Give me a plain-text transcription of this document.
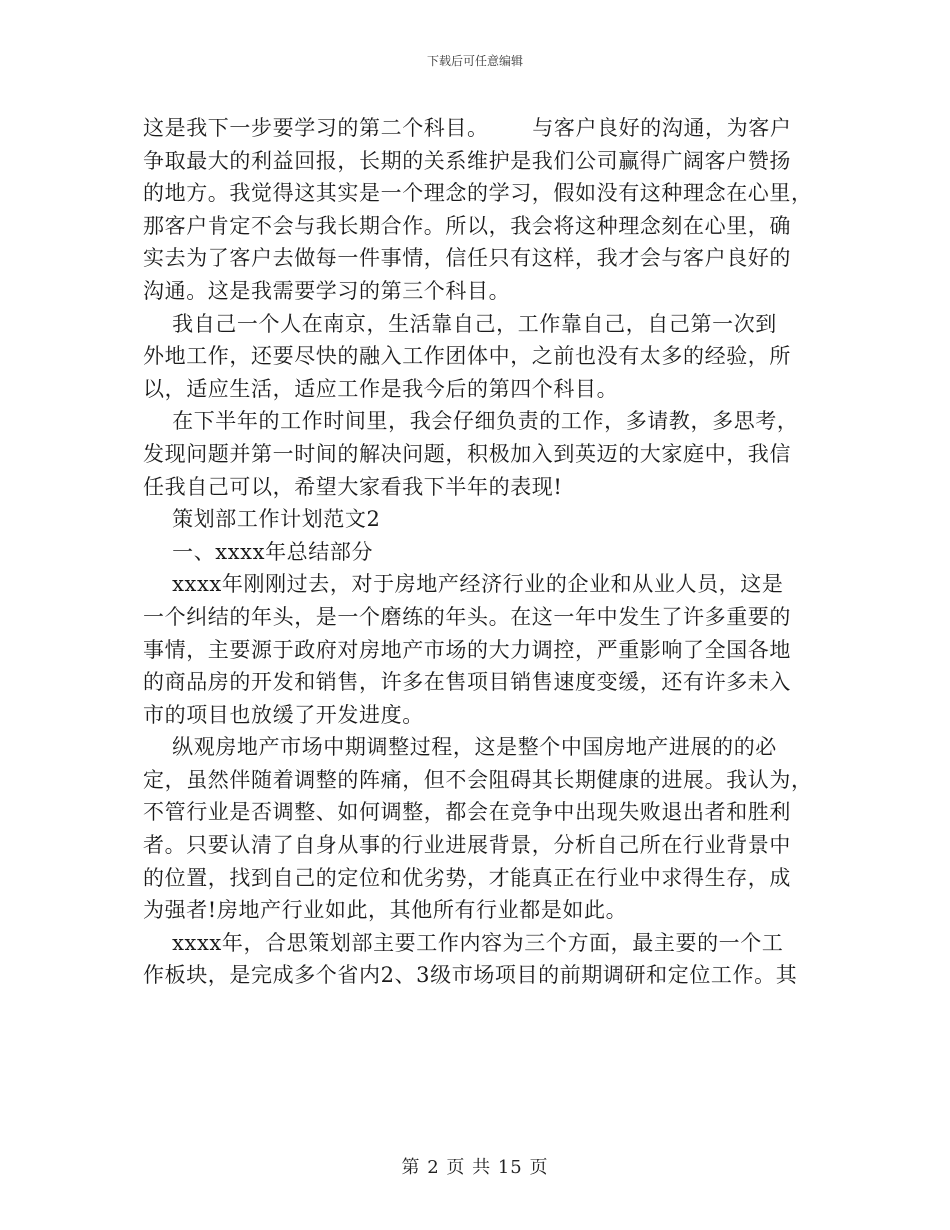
下载后可任意编辑
这是我下一步要学习的第二个科目。      与客户良好的沟通，为客户
争取最大的利益回报，长期的关系维护是我们公司赢得广阔客户赞扬
的地方。我觉得这其实是一个理念的学习，假如没有这种理念在心里，
那客户肯定不会与我长期合作。所以，我会将这种理念刻在心里，确
实去为了客户去做每一件事情，信任只有这样，我才会与客户良好的
沟通。这是我需要学习的第三个科目。
我自己一个人在南京，生活靠自己，工作靠自己，自己第一次到
外地工作，还要尽快的融入工作团体中，之前也没有太多的经验，所
以，适应生活，适应工作是我今后的第四个科目。
在下半年的工作时间里，我会仔细负责的工作，多请教，多思考，
发现问题并第一时间的解决问题，积极加入到英迈的大家庭中，我信
任我自己可以，希望大家看我下半年的表现!
策划部工作计划范文2
一、xxxx年总结部分
xxxx年刚刚过去，对于房地产经济行业的企业和从业人员，这是
一个纠结的年头，是一个磨练的年头。在这一年中发生了许多重要的
事情，主要源于政府对房地产市场的大力调控，严重影响了全国各地
的商品房的开发和销售，许多在售项目销售速度变缓，还有许多未入
市的项目也放缓了开发进度。
纵观房地产市场中期调整过程，这是整个中国房地产进展的的必
定，虽然伴随着调整的阵痛，但不会阻碍其长期健康的进展。我认为，
不管行业是否调整、如何调整，都会在竞争中出现失败退出者和胜利
者。只要认清了自身从事的行业进展背景，分析自己所在行业背景中
的位置，找到自己的定位和优劣势，才能真正在行业中求得生存，成
为强者!房地产行业如此，其他所有行业都是如此。
xxxx年，合思策划部主要工作内容为三个方面，最主要的一个工
作板块，是完成多个省内2、3级市场项目的前期调研和定位工作。其
第 2 页 共 15 页
